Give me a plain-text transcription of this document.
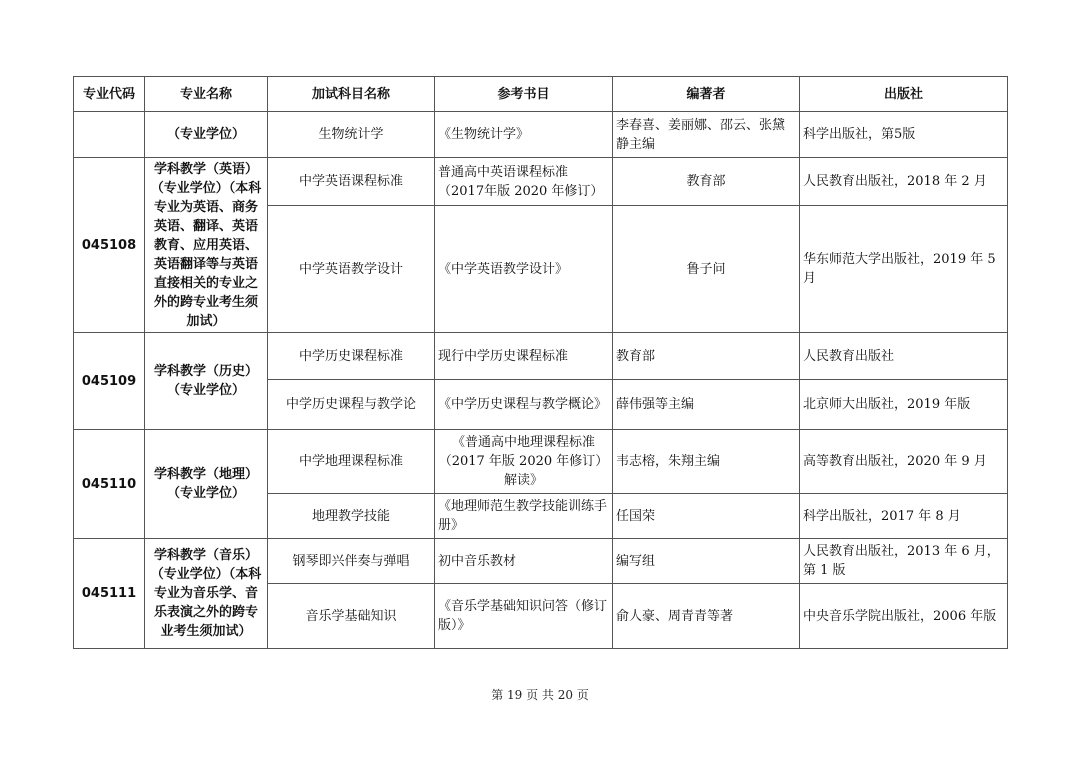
专业代码	专业名称	加试科目名称	参考书目	编著者	出版社
	（专业学位）	生物统计学	《生物统计学》	李春喜、姜丽娜、邵云、张黛静主编	科学出版社，第5版
045108	学科教学（英语）（专业学位）（本科专业为英语、商务英语、翻译、英语教育、应用英语、英语翻译等与英语直接相关的专业之外的跨专业考生须加试）	中学英语课程标准	普通高中英语课程标准（2017年版 2020 年修订）	教育部	人民教育出版社，2018 年 2 月
		中学英语教学设计	《中学英语教学设计》	鲁子问	华东师范大学出版社，2019 年 5 月
045109	学科教学（历史）（专业学位）	中学历史课程标准	现行中学历史课程标准	教育部	人民教育出版社
		中学历史课程与教学论	《中学历史课程与教学概论》	薛伟强等主编	北京师大出版社，2019 年版
045110	学科教学（地理）（专业学位）	中学地理课程标准	《普通高中地理课程标准（2017 年版 2020 年修订）解读》	韦志榕，朱翔主编	高等教育出版社，2020 年 9 月
		地理教学技能	《地理师范生教学技能训练手册》	任国荣	科学出版社，2017 年 8 月
045111	学科教学（音乐）（专业学位）（本科专业为音乐学、音乐表演之外的跨专业考生须加试）	钢琴即兴伴奏与弹唱	初中音乐教材	编写组	人民教育出版社，2013 年 6 月，第 1 版
		音乐学基础知识	《音乐学基础知识问答（修订版）》	俞人豪、周青青等著	中央音乐学院出版社，2006 年版
第 19 页 共 20 页
